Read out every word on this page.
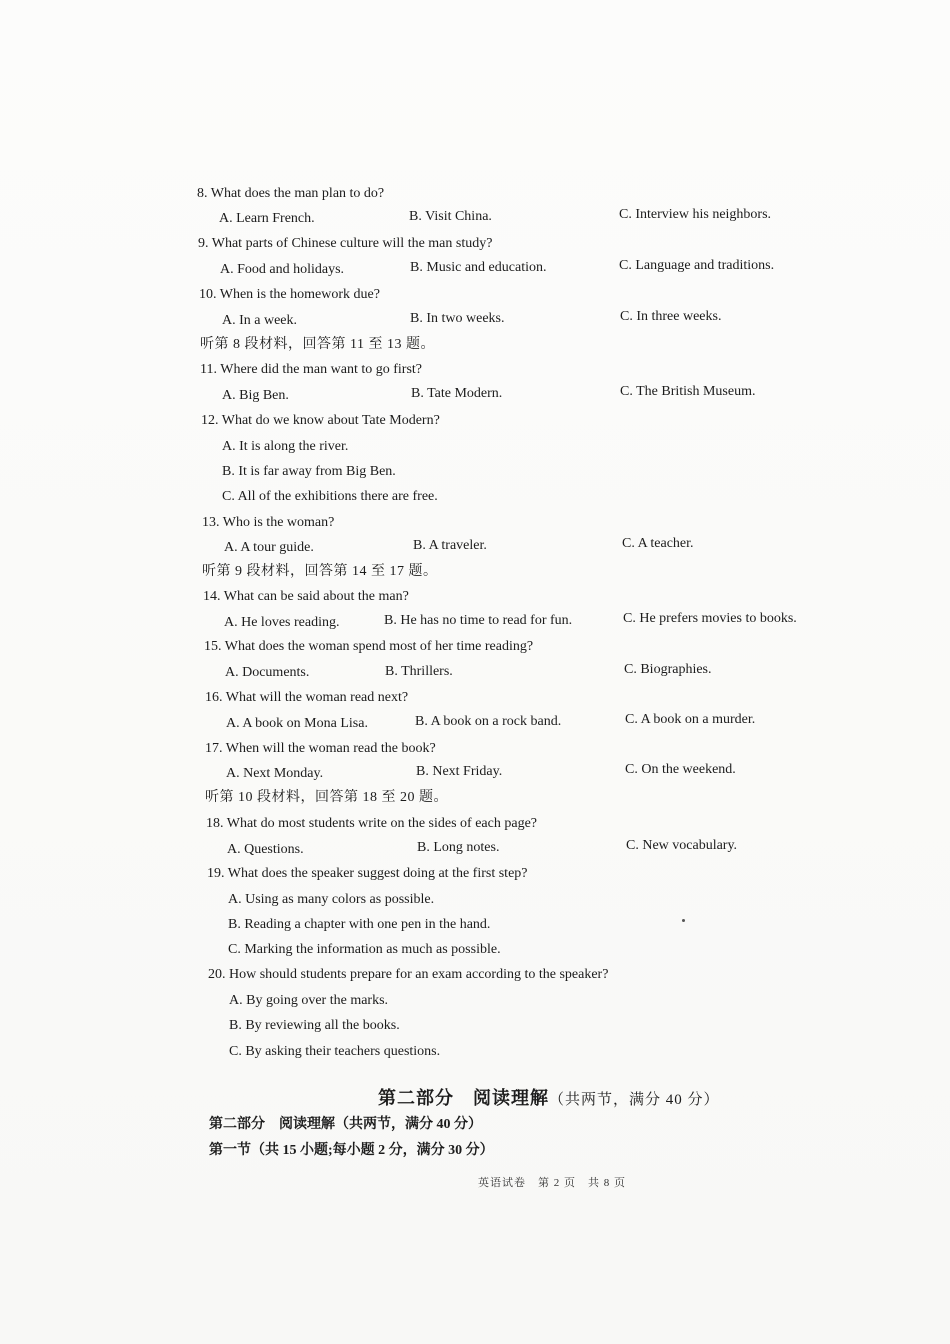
8. What does the man plan to do?
A. Learn French.	B. Visit China.	C. Interview his neighbors.
9. What parts of Chinese culture will the man study?
A. Food and holidays.	B. Music and education.	C. Language and traditions.
10. When is the homework due?
A. In a week.	B. In two weeks.	C. In three weeks.
听第 8 段材料，回答第 11 至 13 题。
11. Where did the man want to go first?
A. Big Ben.	B. Tate Modern.	C. The British Museum.
12. What do we know about Tate Modern?
A. It is along the river.
B. It is far away from Big Ben.
C. All of the exhibitions there are free.
13. Who is the woman?
A. A tour guide.	B. A traveler.	C. A teacher.
听第 9 段材料，回答第 14 至 17 题。
14. What can be said about the man?
A. He loves reading.	B. He has no time to read for fun.	C. He prefers movies to books.
15. What does the woman spend most of her time reading?
A. Documents.	B. Thrillers.	C. Biographies.
16. What will the woman read next?
A. A book on Mona Lisa.	B. A book on a rock band.	C. A book on a murder.
17. When will the woman read the book?
A. Next Monday.	B. Next Friday.	C. On the weekend.
听第 10 段材料，回答第 18 至 20 题。
18. What do most students write on the sides of each page?
A. Questions.	B. Long notes.	C. New vocabulary.
19. What does the speaker suggest doing at the first step?
A. Using as many colors as possible.
B. Reading a chapter with one pen in the hand.
C. Marking the information as much as possible.
20. How should students prepare for an exam according to the speaker?
A. By going over the marks.
B. By reviewing all the books.
C. By asking their teachers questions.
第二部分　阅读理解（共两节，满分 40 分）
第二部分　阅读理解（共两节，满分 40 分）
第一节（共 15 小题;每小题 2 分，满分 30 分）
英语试卷　第 2 页　共 8 页
